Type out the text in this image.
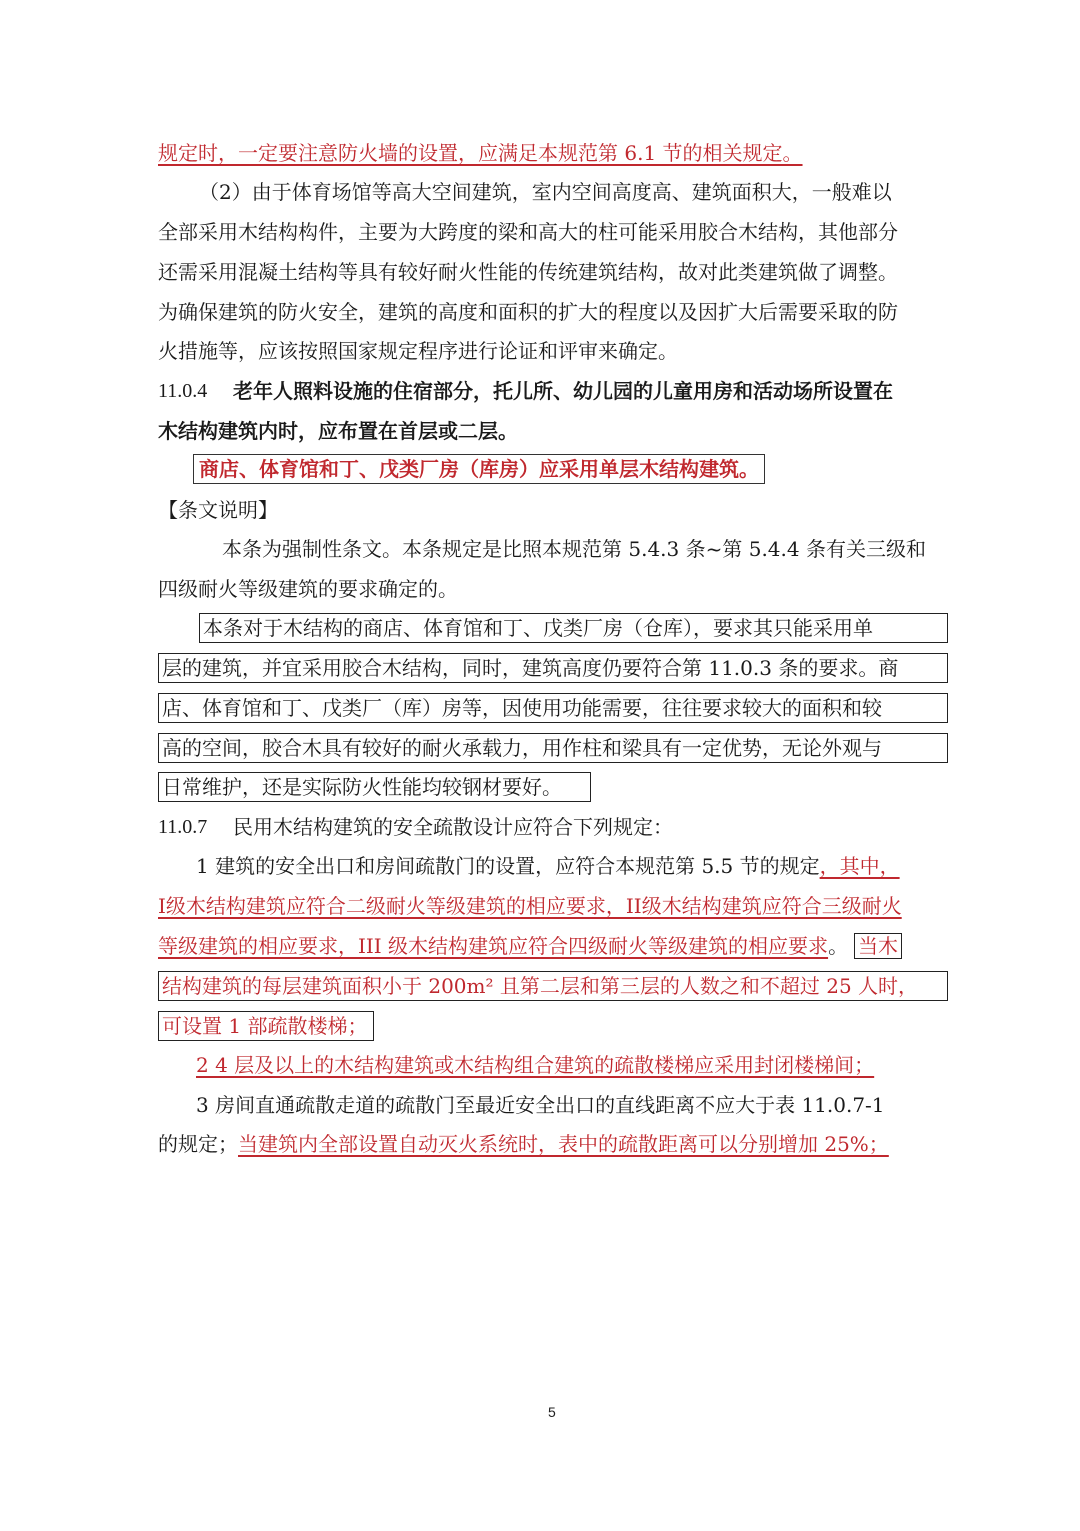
规定时，一定要注意防火墙的设置，应满足本规范第 6.1 节的相关规定。
（2）由于体育场馆等高大空间建筑，室内空间高度高、建筑面积大，一般难以
全部采用木结构构件，主要为大跨度的梁和高大的柱可能采用胶合木结构，其他部分
还需采用混凝土结构等具有较好耐火性能的传统建筑结构，故对此类建筑做了调整。
为确保建筑的防火安全，建筑的高度和面积的扩大的程度以及因扩大后需要采取的防
火措施等，应该按照国家规定程序进行论证和评审来确定。
11.0.4 老年人照料设施的住宿部分，托儿所、幼儿园的儿童用房和活动场所设置在
木结构建筑内时，应布置在首层或二层。
商店、体育馆和丁、戊类厂房（库房）应采用单层木结构建筑。
【条文说明】
本条为强制性条文。本条规定是比照本规范第 5.4.3 条~第 5.4.4 条有关三级和
四级耐火等级建筑的要求确定的。
本条对于木结构的商店、体育馆和丁、戊类厂房（仓库），要求其只能采用单
层的建筑，并宜采用胶合木结构，同时，建筑高度仍要符合第 11.0.3 条的要求。商
店、体育馆和丁、戊类厂（库）房等，因使用功能需要，往往要求较大的面积和较
高的空间，胶合木具有较好的耐火承载力，用作柱和梁具有一定优势，无论外观与
日常维护，还是实际防火性能均较钢材要好。
11.0.7 民用木结构建筑的安全疏散设计应符合下列规定：
1 建筑的安全出口和房间疏散门的设置，应符合本规范第 5.5 节的规定，其中，
I级木结构建筑应符合二级耐火等级建筑的相应要求，II级木结构建筑应符合三级耐火
等级建筑的相应要求，III 级木结构建筑应符合四级耐火等级建筑的相应要求。 当木
结构建筑的每层建筑面积小于 200m² 且第二层和第三层的人数之和不超过 25 人时，
可设置 1 部疏散楼梯；
2 4 层及以上的木结构建筑或木结构组合建筑的疏散楼梯应采用封闭楼梯间；
3 房间直通疏散走道的疏散门至最近安全出口的直线距离不应大于表 11.0.7-1
的规定；当建筑内全部设置自动灭火系统时，表中的疏散距离可以分别增加 25%；
5
